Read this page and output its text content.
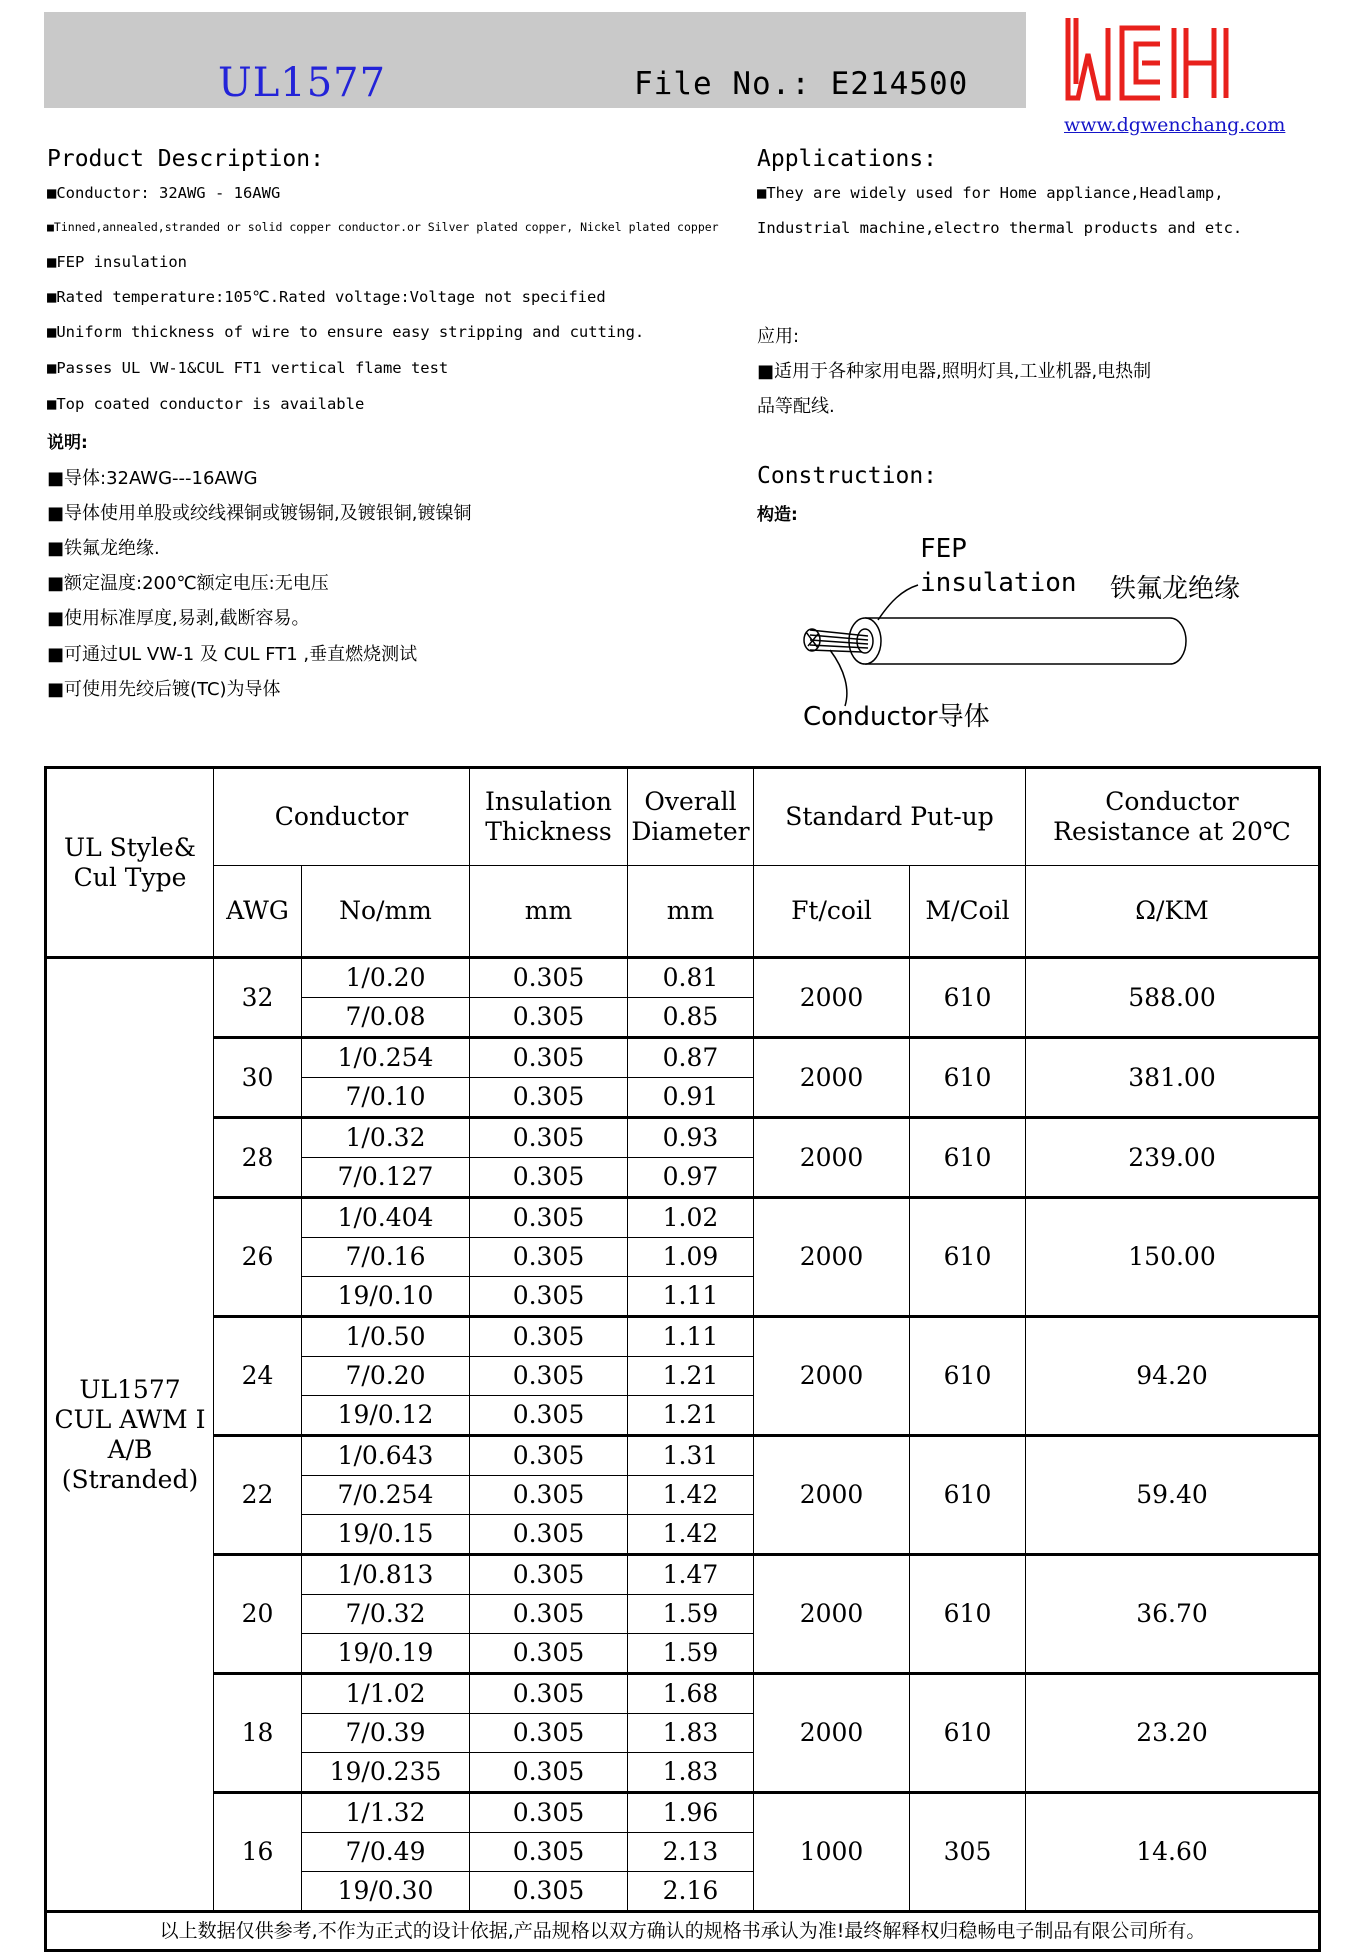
UL1577	File No.: E214500
www.dgwenchang.com
Product Description:
■Conductor: 32AWG - 16AWG
■Tinned,annealed,stranded or solid copper conductor.or Silver plated copper, Nickel plated copper
■FEP insulation
■Rated temperature:105℃.Rated voltage:Voltage not specified
■Uniform thickness of wire to ensure easy stripping and cutting.
■Passes UL VW-1&CUL FT1 vertical flame test
■Top coated conductor is available
说明:
■导体:32AWG---16AWG
■导体使用单股或绞线裸铜或镀锡铜,及镀银铜,镀镍铜
■铁氟龙绝缘.
■额定温度:200℃额定电压:无电压
■使用标准厚度,易剥,截断容易。
■可通过UL VW-1 及 CUL FT1 ,垂直燃烧测试
■可使用先绞后镀(TC)为导体
Applications:
■They are widely used for Home appliance,Headlamp,
Industrial machine,electro thermal products and etc.
应用:
■适用于各种家用电器,照明灯具,工业机器,电热制
品等配线.
Construction:
构造:
FEP
insulation 铁氟龙绝缘
Conductor导体
UL Style&
Cul Type	Conductor		Insulation
Thickness	Overall
Diameter	Standard Put-up		Conductor
Resistance at 20℃
	AWG	No/mm	mm	mm	Ft/coil	M/Coil	Ω/KM
UL1577
CUL AWM I
A/B
(Stranded)	32	1/0.20	0.305	0.81	2000	610	588.00
		7/0.08	0.305	0.85			
	30	1/0.254	0.305	0.87	2000	610	381.00
		7/0.10	0.305	0.91			
	28	1/0.32	0.305	0.93	2000	610	239.00
		7/0.127	0.305	0.97			
	26	1/0.404	0.305	1.02	2000	610	150.00
		7/0.16	0.305	1.09			
		19/0.10	0.305	1.11			
	24	1/0.50	0.305	1.11	2000	610	94.20
		7/0.20	0.305	1.21			
		19/0.12	0.305	1.21			
	22	1/0.643	0.305	1.31	2000	610	59.40
		7/0.254	0.305	1.42			
		19/0.15	0.305	1.42			
	20	1/0.813	0.305	1.47	2000	610	36.70
		7/0.32	0.305	1.59			
		19/0.19	0.305	1.59			
	18	1/1.02	0.305	1.68	2000	610	23.20
		7/0.39	0.305	1.83			
		19/0.235	0.305	1.83			
	16	1/1.32	0.305	1.96	1000	305	14.60
		7/0.49	0.305	2.13			
		19/0.30	0.305	2.16			
以上数据仅供参考,不作为正式的设计依据,产品规格以双方确认的规格书承认为准!最终解释权归稳畅电子制品有限公司所有。							
